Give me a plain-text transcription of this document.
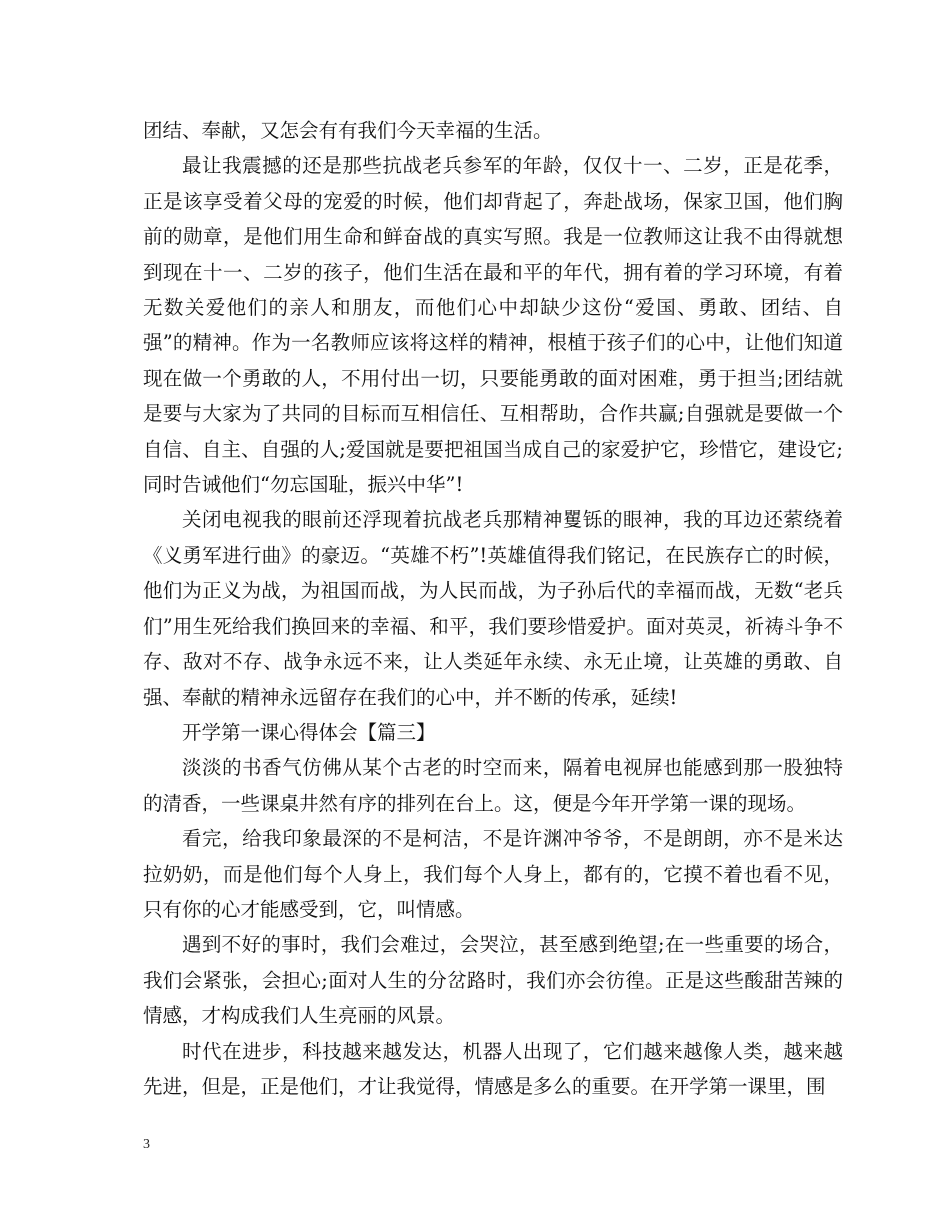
团结、奉献，又怎会有有我们今天幸福的生活。

最让我震撼的还是那些抗战老兵参军的年龄，仅仅十一、二岁，正是花季，正是该享受着父母的宠爱的时候，他们却背起了，奔赴战场，保家卫国，他们胸前的勋章，是他们用生命和鲜奋战的真实写照。我是一位教师这让我不由得就想到现在十一、二岁的孩子，他们生活在最和平的年代，拥有着的学习环境，有着无数关爱他们的亲人和朋友，而他们心中却缺少这份“爱国、勇敢、团结、自强”的精神。作为一名教师应该将这样的精神，根植于孩子们的心中，让他们知道现在做一个勇敢的人，不用付出一切，只要能勇敢的面对困难，勇于担当;团结就是要与大家为了共同的目标而互相信任、互相帮助，合作共赢;自强就是要做一个自信、自主、自强的人;爱国就是要把祖国当成自己的家爱护它，珍惜它，建设它;同时告诫他们“勿忘国耻，振兴中华”!

关闭电视我的眼前还浮现着抗战老兵那精神矍铄的眼神，我的耳边还萦绕着《义勇军进行曲》的豪迈。“英雄不朽”!英雄值得我们铭记，在民族存亡的时候，他们为正义为战，为祖国而战，为人民而战，为子孙后代的幸福而战，无数“老兵们”用生死给我们换回来的幸福、和平，我们要珍惜爱护。面对英灵，祈祷斗争不存、敌对不存、战争永远不来，让人类延年永续、永无止境，让英雄的勇敢、自强、奉献的精神永远留存在我们的心中，并不断的传承，延续!

开学第一课心得体会【篇三】

淡淡的书香气仿佛从某个古老的时空而来，隔着电视屏也能感到那一股独特的清香，一些课桌井然有序的排列在台上。这，便是今年开学第一课的现场。

看完，给我印象最深的不是柯洁，不是许渊冲爷爷，不是朗朗，亦不是米达拉奶奶，而是他们每个人身上，我们每个人身上，都有的，它摸不着也看不见，只有你的心才能感受到，它，叫情感。

遇到不好的事时，我们会难过，会哭泣，甚至感到绝望;在一些重要的场合，我们会紧张，会担心;面对人生的分岔路时，我们亦会彷徨。正是这些酸甜苦辣的情感，才构成我们人生亮丽的风景。

时代在进步，科技越来越发达，机器人出现了，它们越来越像人类，越来越先进，但是，正是他们，才让我觉得，情感是多么的重要。在开学第一课里，围

3
